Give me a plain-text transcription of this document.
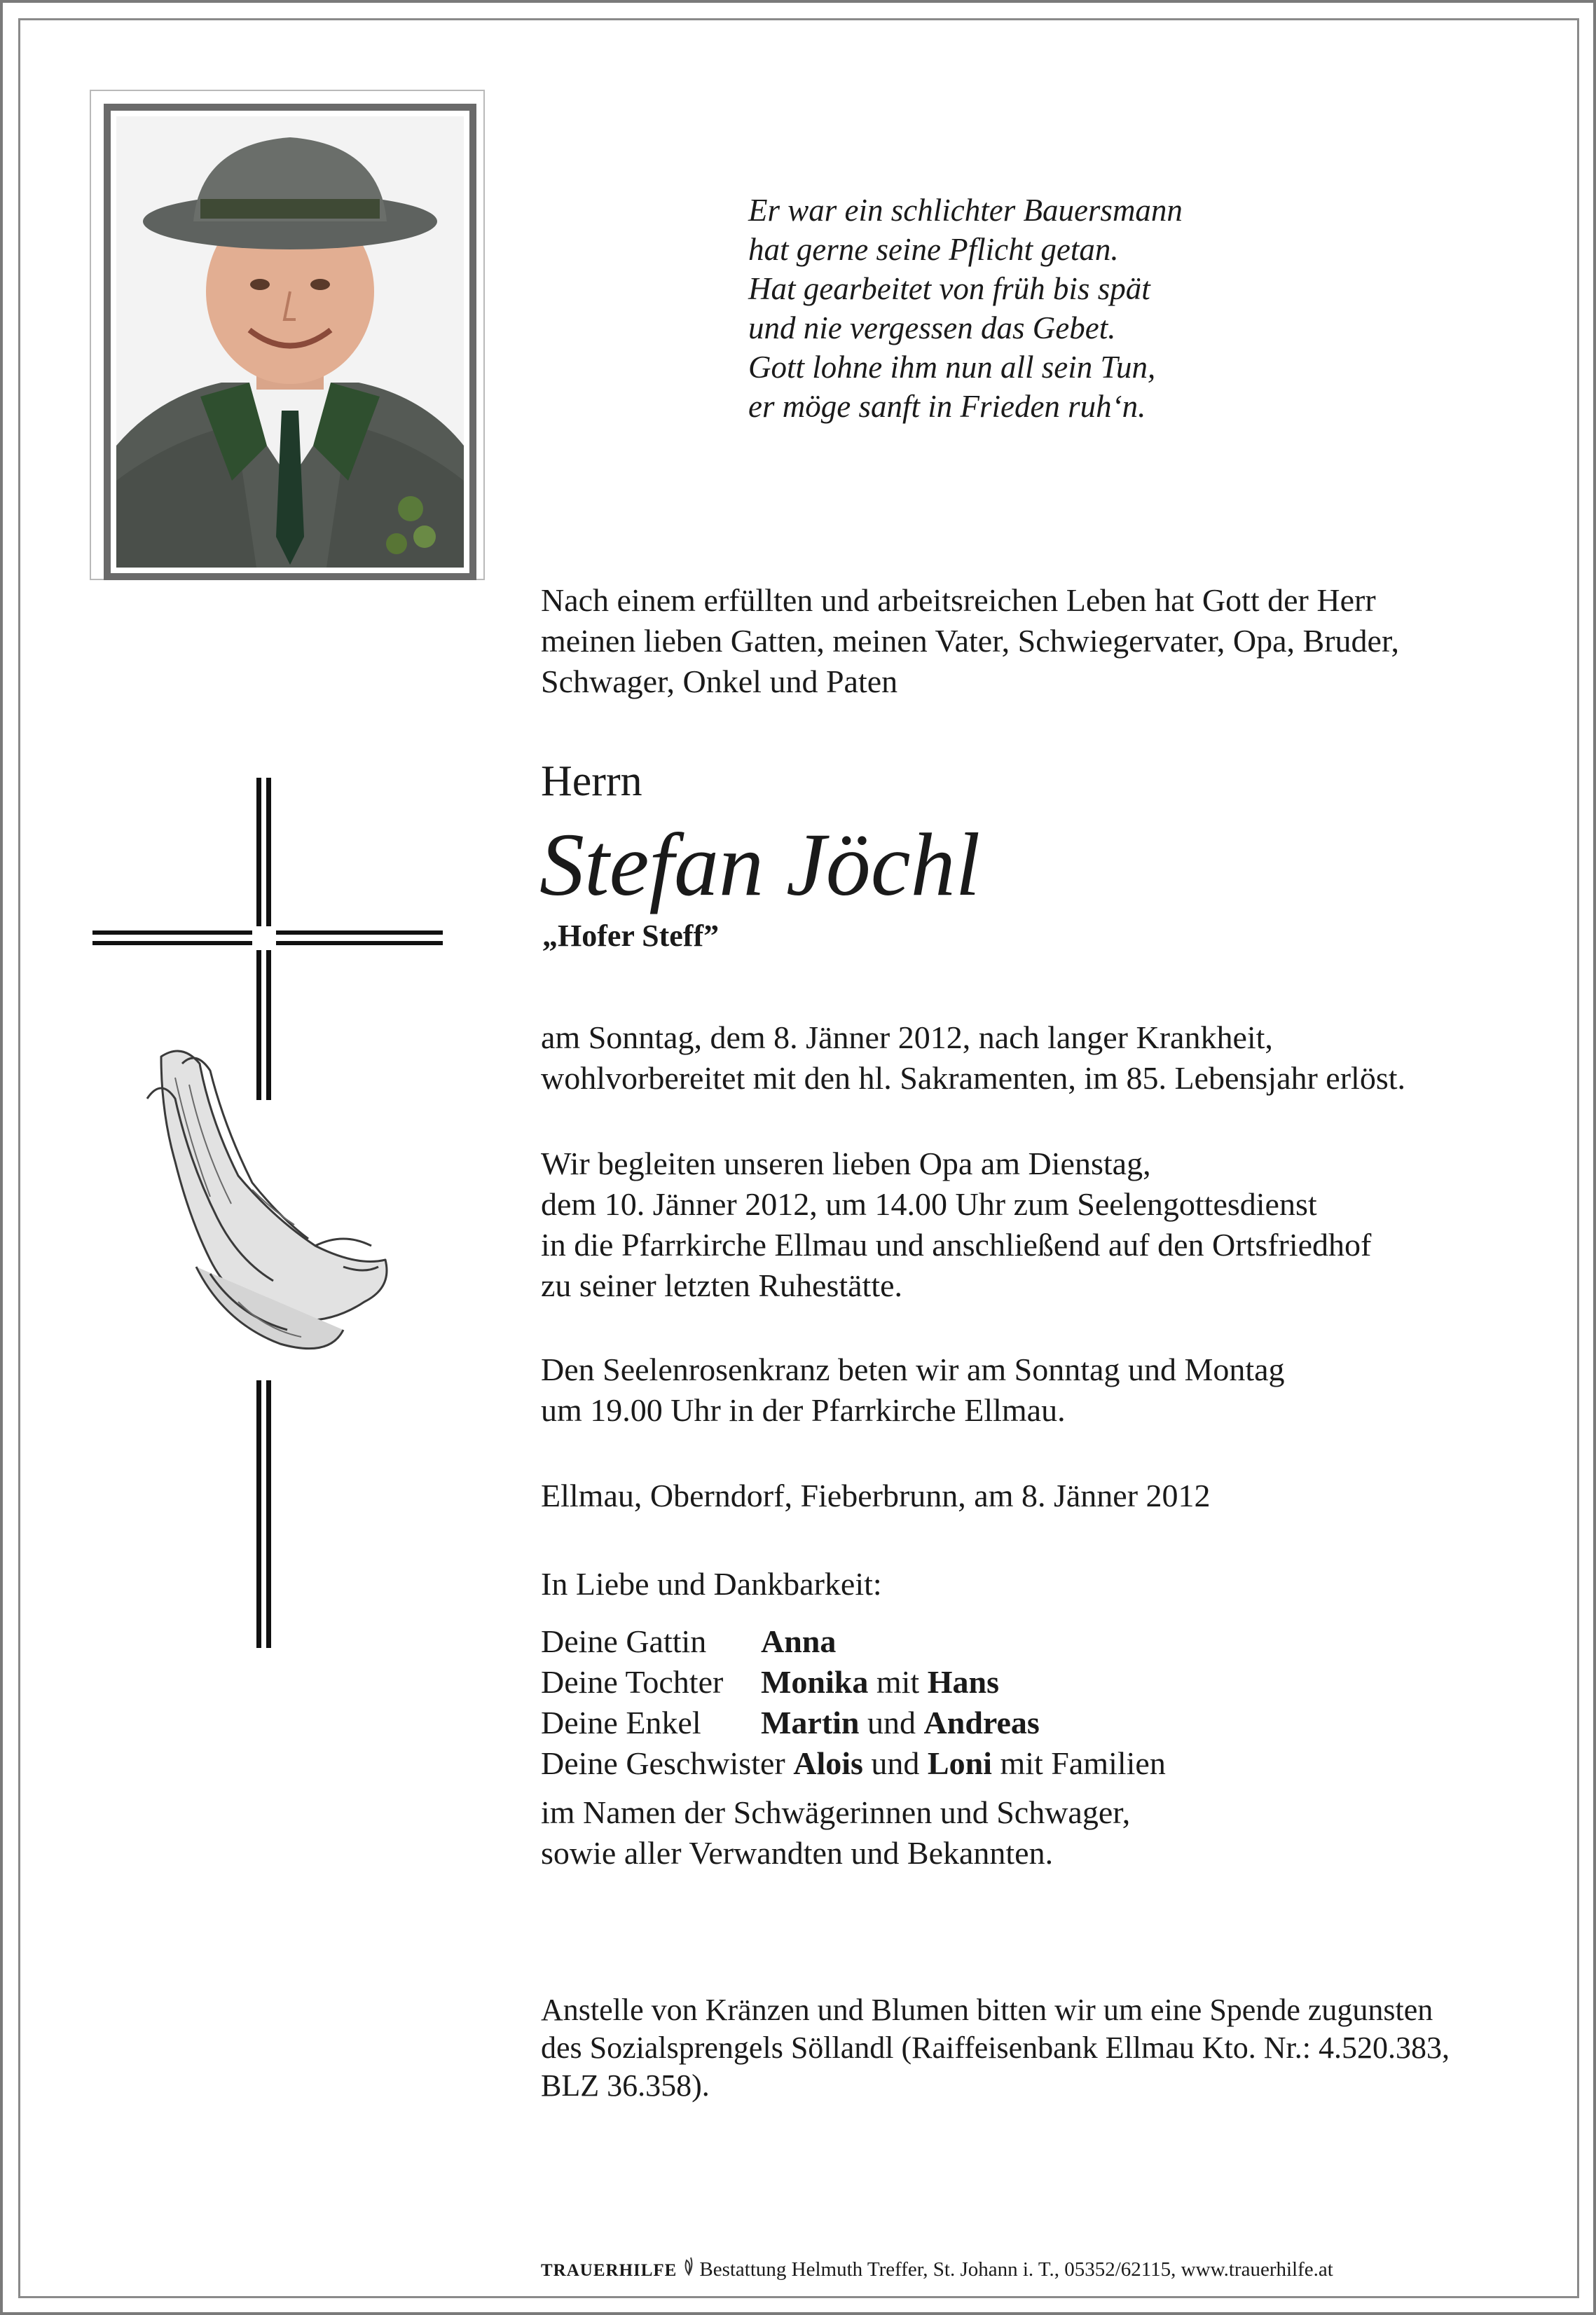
Er war ein schlichter Bauersmann
hat gerne seine Pflicht getan.
Hat gearbeitet von früh bis spät
und nie vergessen das Gebet.
Gott lohne ihm nun all sein Tun,
er möge sanft in Frieden ruh‘n.
Nach einem erfüllten und arbeitsreichen Leben hat Gott der Herr
meinen lieben Gatten, meinen Vater, Schwiegervater, Opa, Bruder,
Schwager, Onkel und Paten
Herrn
Stefan Jöchl
„Hofer Steff”
am Sonntag, dem 8. Jänner 2012, nach langer Krankheit,
wohlvorbereitet mit den hl. Sakramenten, im 85. Lebensjahr erlöst.
Wir begleiten unseren lieben Opa am Dienstag,
dem 10. Jänner 2012, um 14.00 Uhr zum Seelengottesdienst
in die Pfarrkirche Ellmau und anschließend auf den Ortsfriedhof
zu seiner letzten Ruhestätte.
Den Seelenrosenkranz beten wir am Sonntag und Montag
um 19.00 Uhr in der Pfarrkirche Ellmau.
Ellmau, Oberndorf, Fieberbrunn, am 8. Jänner 2012
In Liebe und Dankbarkeit:
Deine Gattin Anna
Deine Tochter Monika mit Hans
Deine Enkel Martin und Andreas
Deine Geschwister Alois und Loni mit Familien
im Namen der Schwägerinnen und Schwager,
sowie aller Verwandten und Bekannten.
Anstelle von Kränzen und Blumen bitten wir um eine Spende zugunsten
des Sozialsprengels Söllandl (Raiffeisenbank Ellmau Kto. Nr.: 4.520.383,
BLZ 36.358).
TRAUERHILFE Bestattung Helmuth Treffer, St. Johann i. T., 05352/62115, www.trauerhilfe.at
